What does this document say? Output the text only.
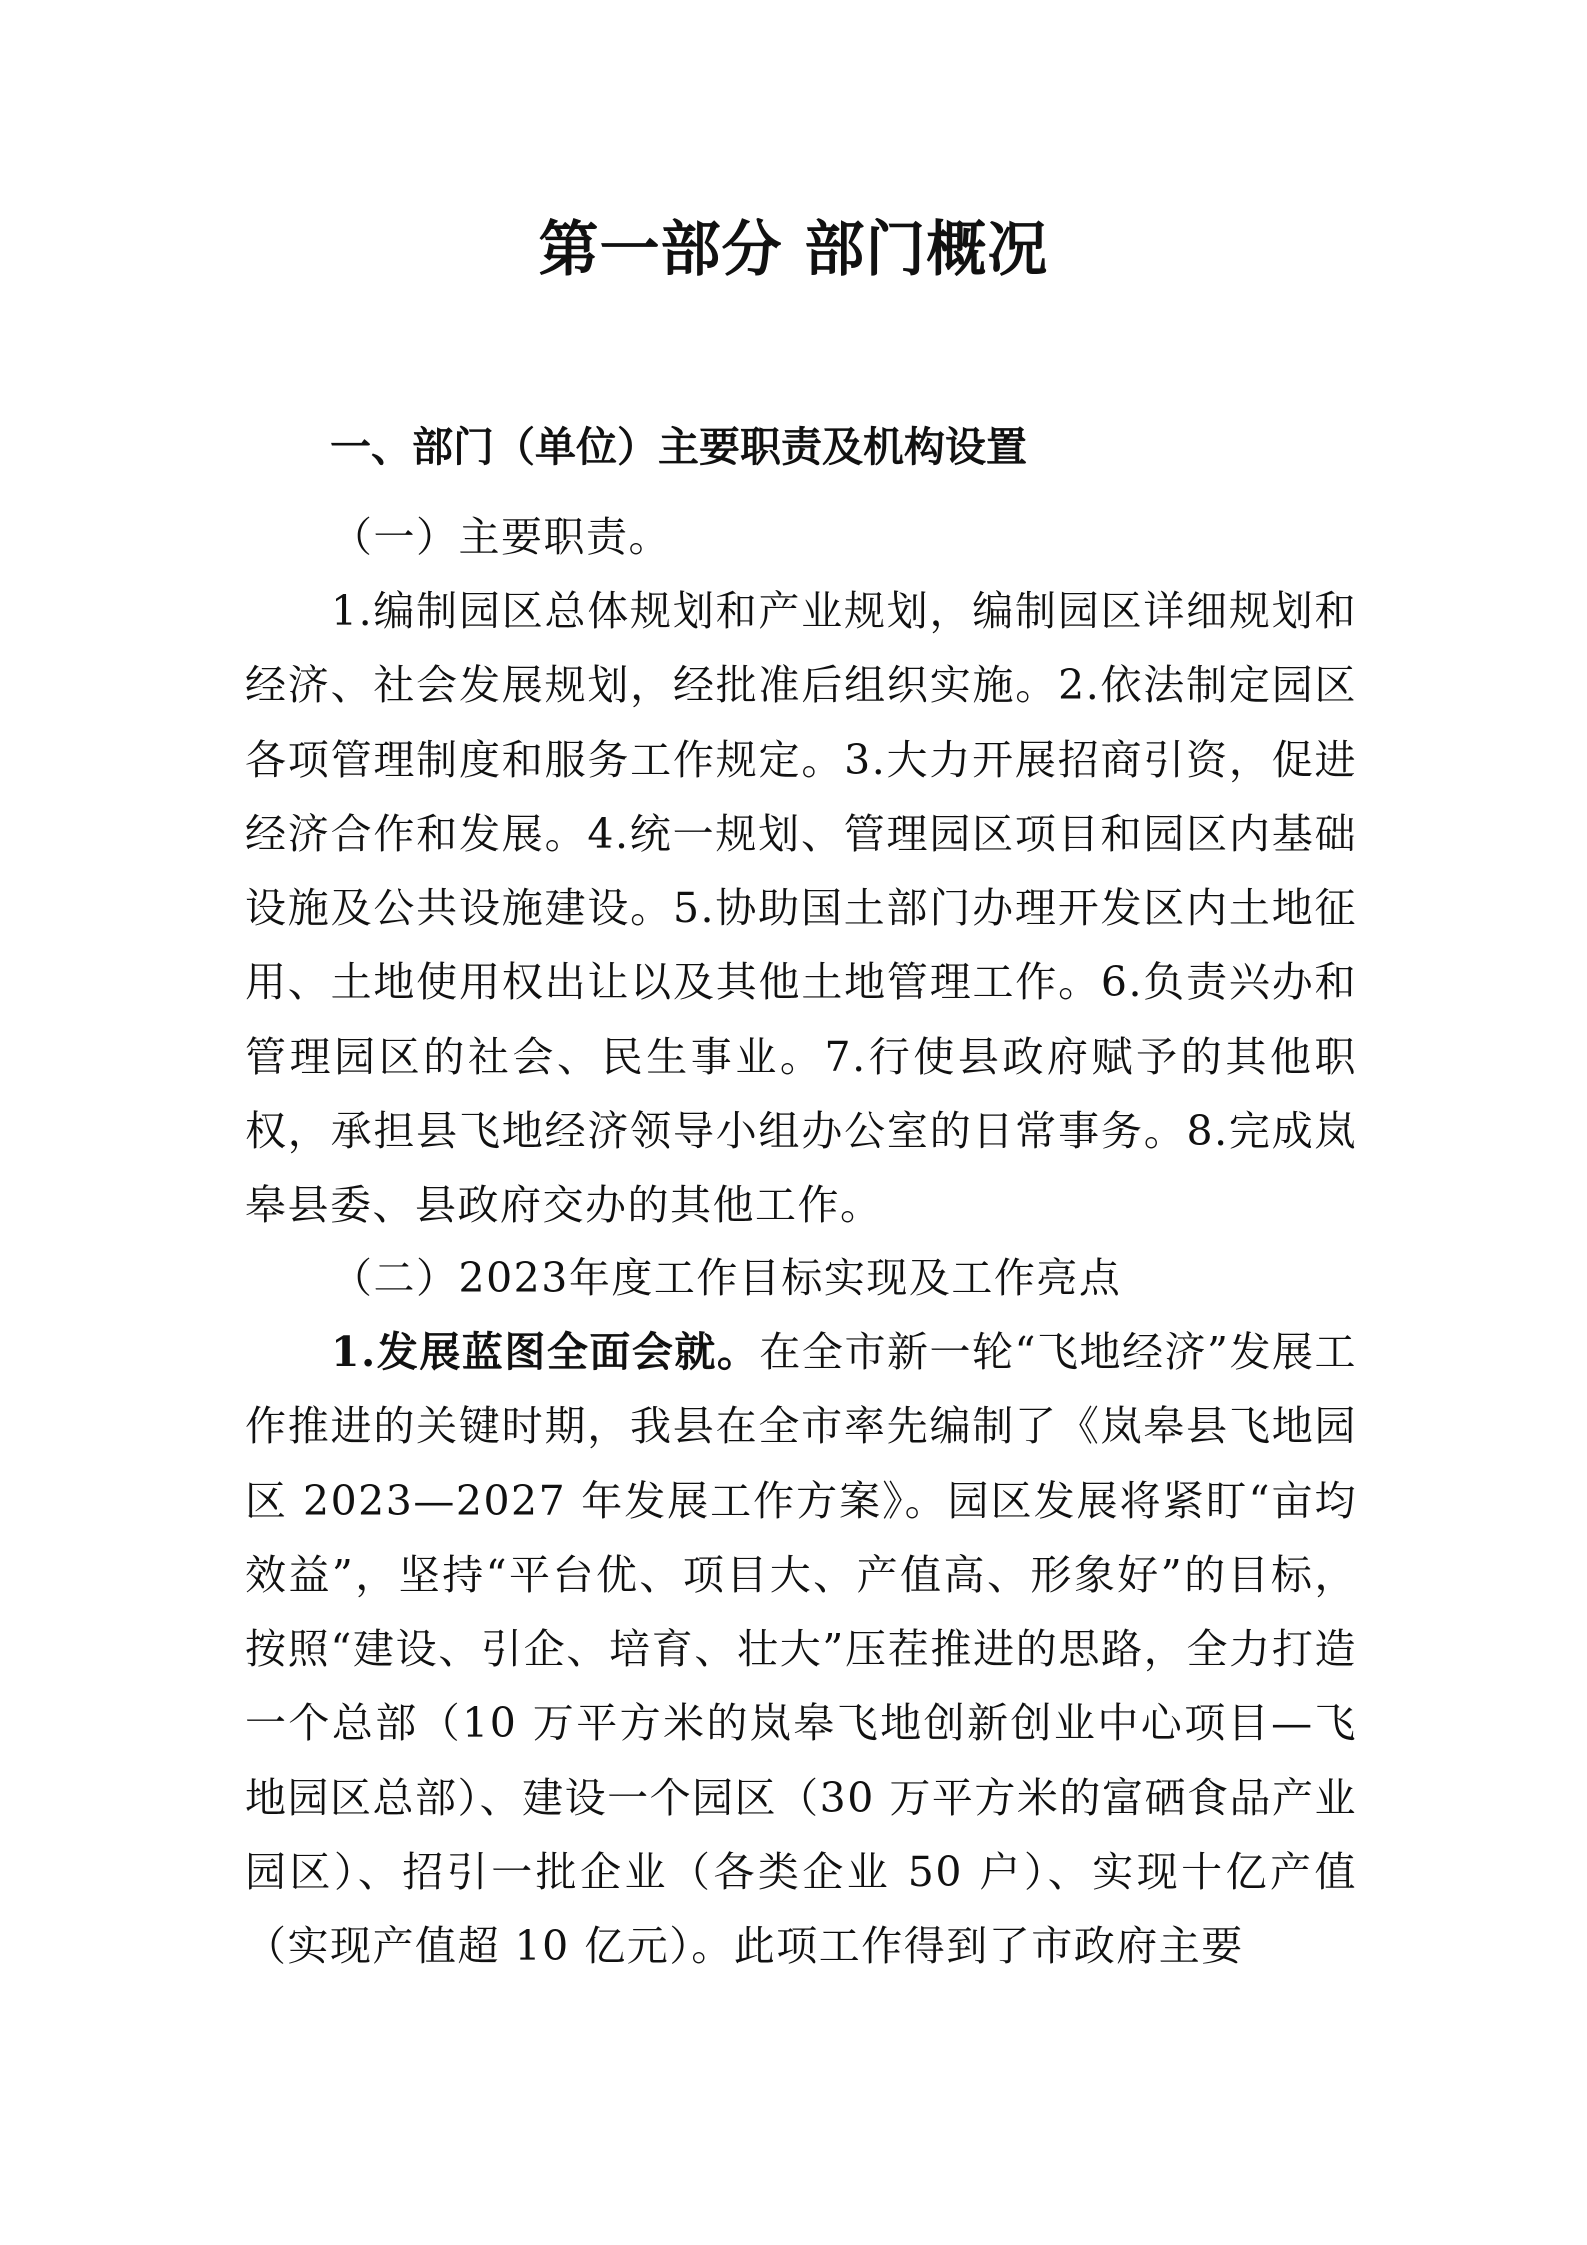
第一部分 部门概况
一、部门（单位）主要职责及机构设置

（一）主要职责。

1.编制园区总体规划和产业规划，编制园区详细规划和经济、社会发展规划，经批准后组织实施。2.依法制定园区各项管理制度和服务工作规定。3.大力开展招商引资，促进经济合作和发展。4.统一规划、管理园区项目和园区内基础设施及公共设施建设。5.协助国土部门办理开发区内土地征用、土地使用权出让以及其他土地管理工作。6.负责兴办和管理园区的社会、民生事业。7.行使县政府赋予的其他职权，承担县飞地经济领导小组办公室的日常事务。8.完成岚皋县委、县政府交办的其他工作。

（二）2023年度工作目标实现及工作亮点

1.发展蓝图全面会就。在全市新一轮“飞地经济”发展工作推进的关键时期，我县在全市率先编制了《岚皋县飞地园区 2023—2027 年发展工作方案》。园区发展将紧盯“亩均效益”，坚持“平台优、项目大、产值高、形象好”的目标，按照“建设、引企、培育、壮大”压茬推进的思路，全力打造一个总部（10 万平方米的岚皋飞地创新创业中心项目—飞地园区总部）、建设一个园区（30 万平方米的富硒食品产业园区）、招引一批企业（各类企业 50 户）、实现十亿产值（实现产值超 10 亿元）。此项工作得到了市政府主要
